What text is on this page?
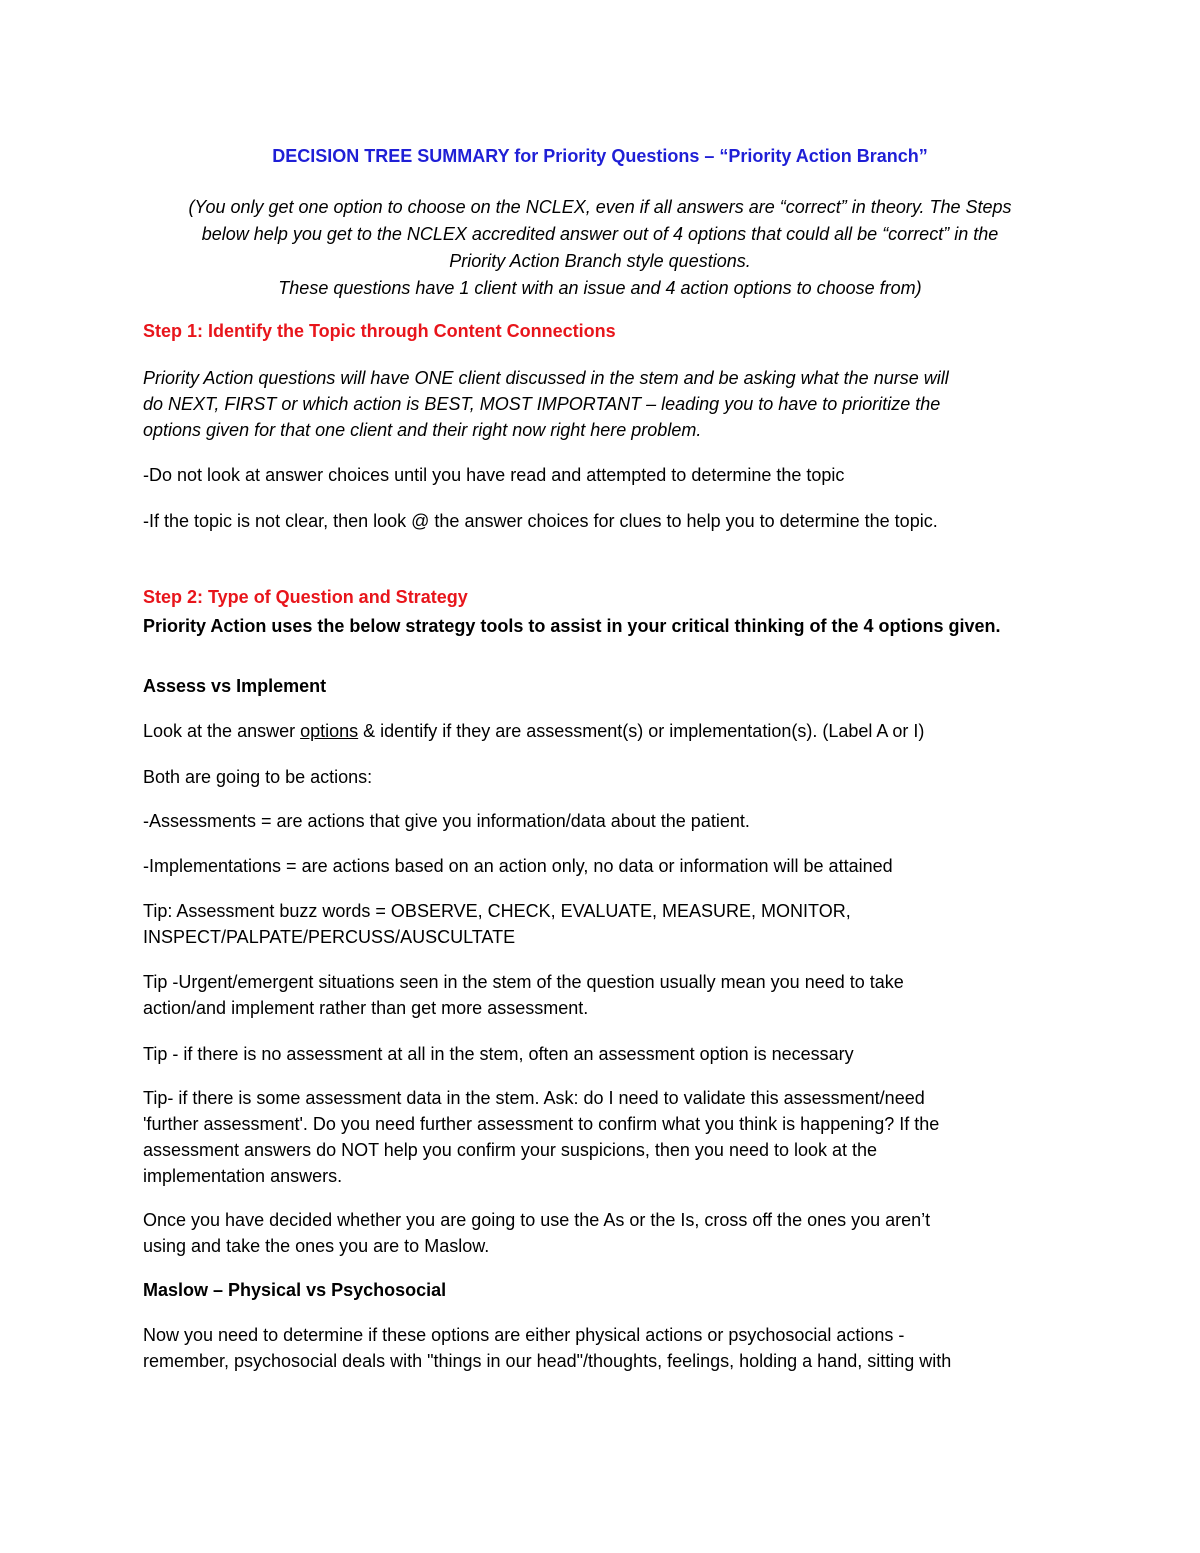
DECISION TREE SUMMARY for Priority Questions – “Priority Action Branch”
(You only get one option to choose on the NCLEX, even if all answers are “correct” in theory. The Steps
below help you get to the NCLEX accredited answer out of 4 options that could all be “correct” in the
Priority Action Branch style questions.
These questions have 1 client with an issue and 4 action options to choose from)
Step 1: Identify the Topic through Content Connections
Priority Action questions will have ONE client discussed in the stem and be asking what the nurse will
do NEXT, FIRST or which action is BEST, MOST IMPORTANT – leading you to have to prioritize the
options given for that one client and their right now right here problem.
-Do not look at answer choices until you have read and attempted to determine the topic
-If the topic is not clear, then look @ the answer choices for clues to help you to determine the topic.
Step 2: Type of Question and Strategy
Priority Action uses the below strategy tools to assist in your critical thinking of the 4 options given.
Assess vs Implement
Look at the answer options & identify if they are assessment(s) or implementation(s). (Label A or I)
Both are going to be actions:
-Assessments = are actions that give you information/data about the patient.
-Implementations = are actions based on an action only, no data or information will be attained
Tip: Assessment buzz words = OBSERVE, CHECK, EVALUATE, MEASURE, MONITOR,
INSPECT/PALPATE/PERCUSS/AUSCULTATE
Tip -Urgent/emergent situations seen in the stem of the question usually mean you need to take
action/and implement rather than get more assessment.
Tip - if there is no assessment at all in the stem, often an assessment option is necessary
Tip- if there is some assessment data in the stem. Ask: do I need to validate this assessment/need
'further assessment'. Do you need further assessment to confirm what you think is happening? If the
assessment answers do NOT help you confirm your suspicions, then you need to look at the
implementation answers.
Once you have decided whether you are going to use the As or the Is, cross off the ones you aren’t
using and take the ones you are to Maslow.
Maslow – Physical vs Psychosocial
Now you need to determine if these options are either physical actions or psychosocial actions -
remember, psychosocial deals with "things in our head"/thoughts, feelings, holding a hand, sitting with
